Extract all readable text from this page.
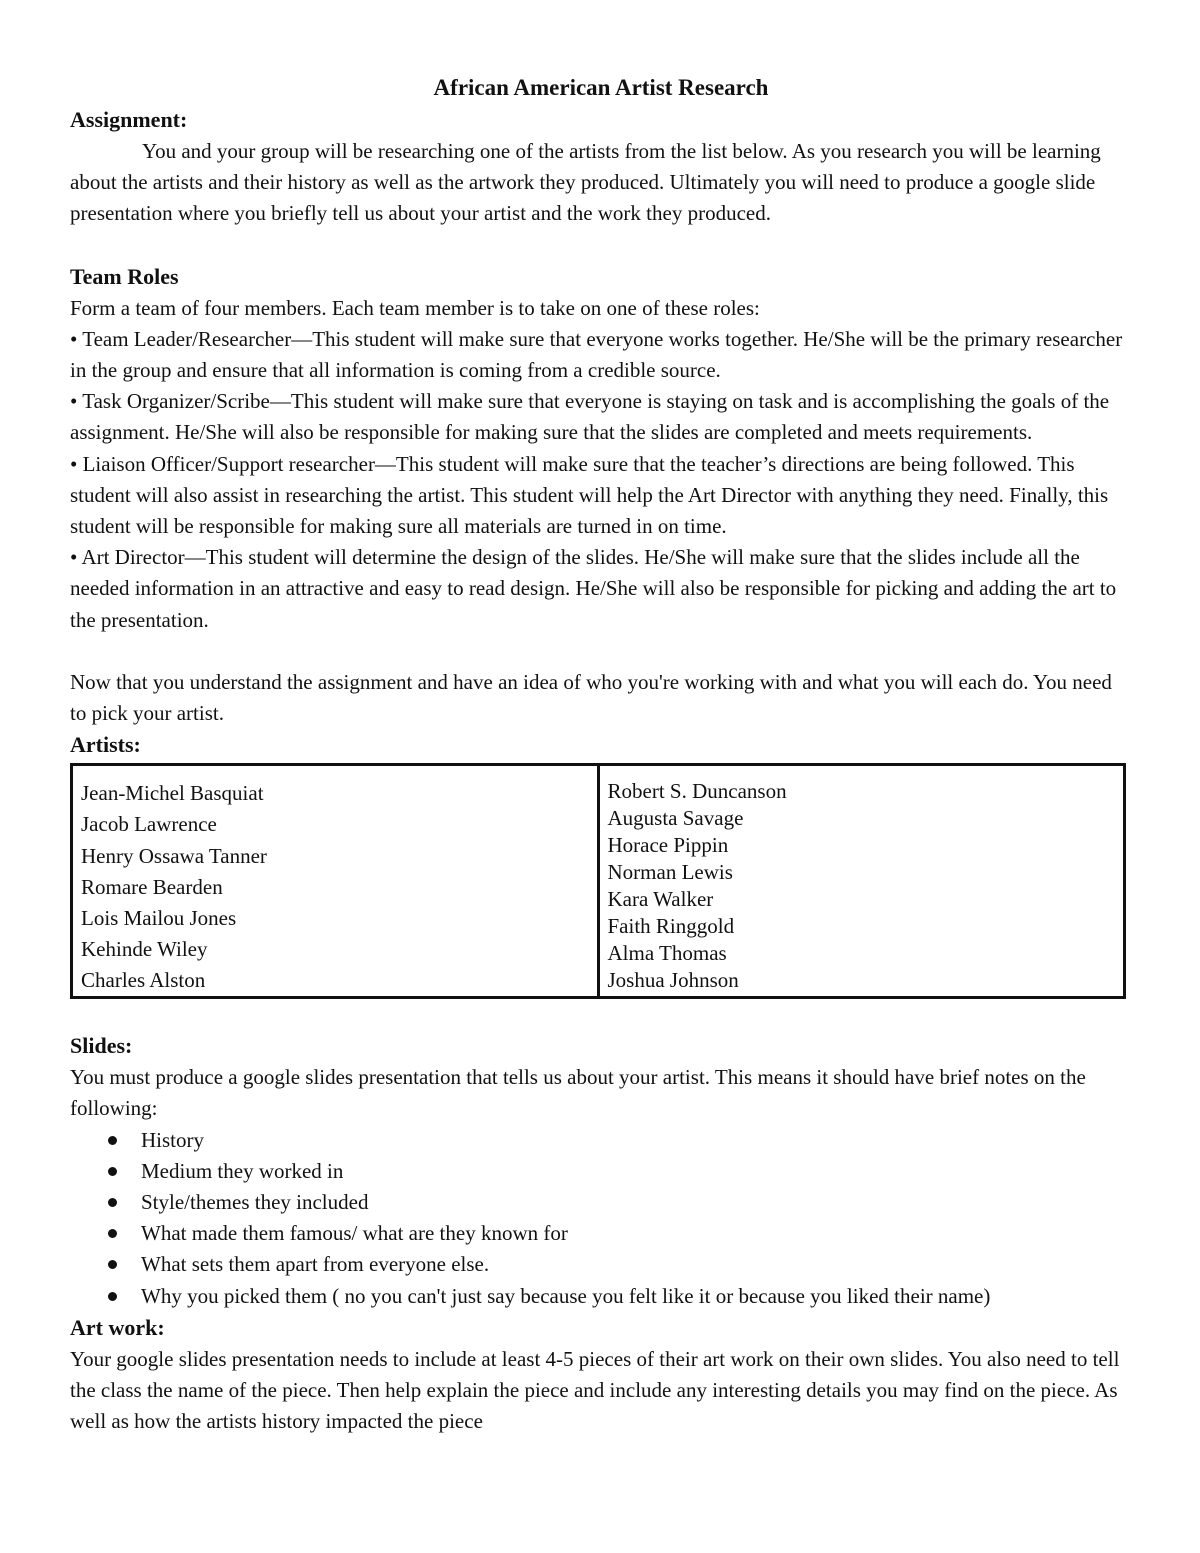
African American Artist Research
Assignment:

You and your group will be researching one of the artists from the list below. As you research you will be learning about the artists and their history as well as the artwork they produced. Ultimately you will need to produce a google slide presentation where you briefly tell us about your artist and the work they produced.

Team Roles

Form a team of four members. Each team member is to take on one of these roles:

• Team Leader/Researcher—This student will make sure that everyone works together. He/She will be the primary researcher in the group and ensure that all information is coming from a credible source.

• Task Organizer/Scribe—This student will make sure that everyone is staying on task and is accomplishing the goals of the assignment. He/She will also be responsible for making sure that the slides are completed and meets requirements.

• Liaison Officer/Support researcher—This student will make sure that the teacher’s directions are being followed. This student will also assist in researching the artist. This student will help the Art Director with anything they need. Finally, this student will be responsible for making sure all materials are turned in on time.

• Art Director—This student will determine the design of the slides. He/She will make sure that the slides include all the needed information in an attractive and easy to read design. He/She will also be responsible for picking and adding the art to the presentation.

Now that you understand the assignment and have an idea of who you're working with and what you will each do. You need to pick your artist.

Artists:
Jean-Michel Basquiat
Jacob Lawrence
Henry Ossawa Tanner
Romare Bearden
Lois Mailou Jones
Kehinde Wiley
Charles Alston
Robert S. Duncanson
Augusta Savage
Horace Pippin
Norman Lewis
Kara Walker
Faith Ringgold
Alma Thomas
Joshua Johnson
Slides:

You must produce a google slides presentation that tells us about your artist. This means it should have brief notes on the following:

History
Medium they worked in
Style/themes they included
What made them famous/ what are they known for
What sets them apart from everyone else.
Why you picked them ( no you can't just say because you felt like it or because you liked their name)
Art work:

Your google slides presentation needs to include at least 4-5 pieces of their art work on their own slides. You also need to tell the class the name of the piece. Then help explain the piece and include any interesting details you may find on the piece. As well as how the artists history impacted the piece
